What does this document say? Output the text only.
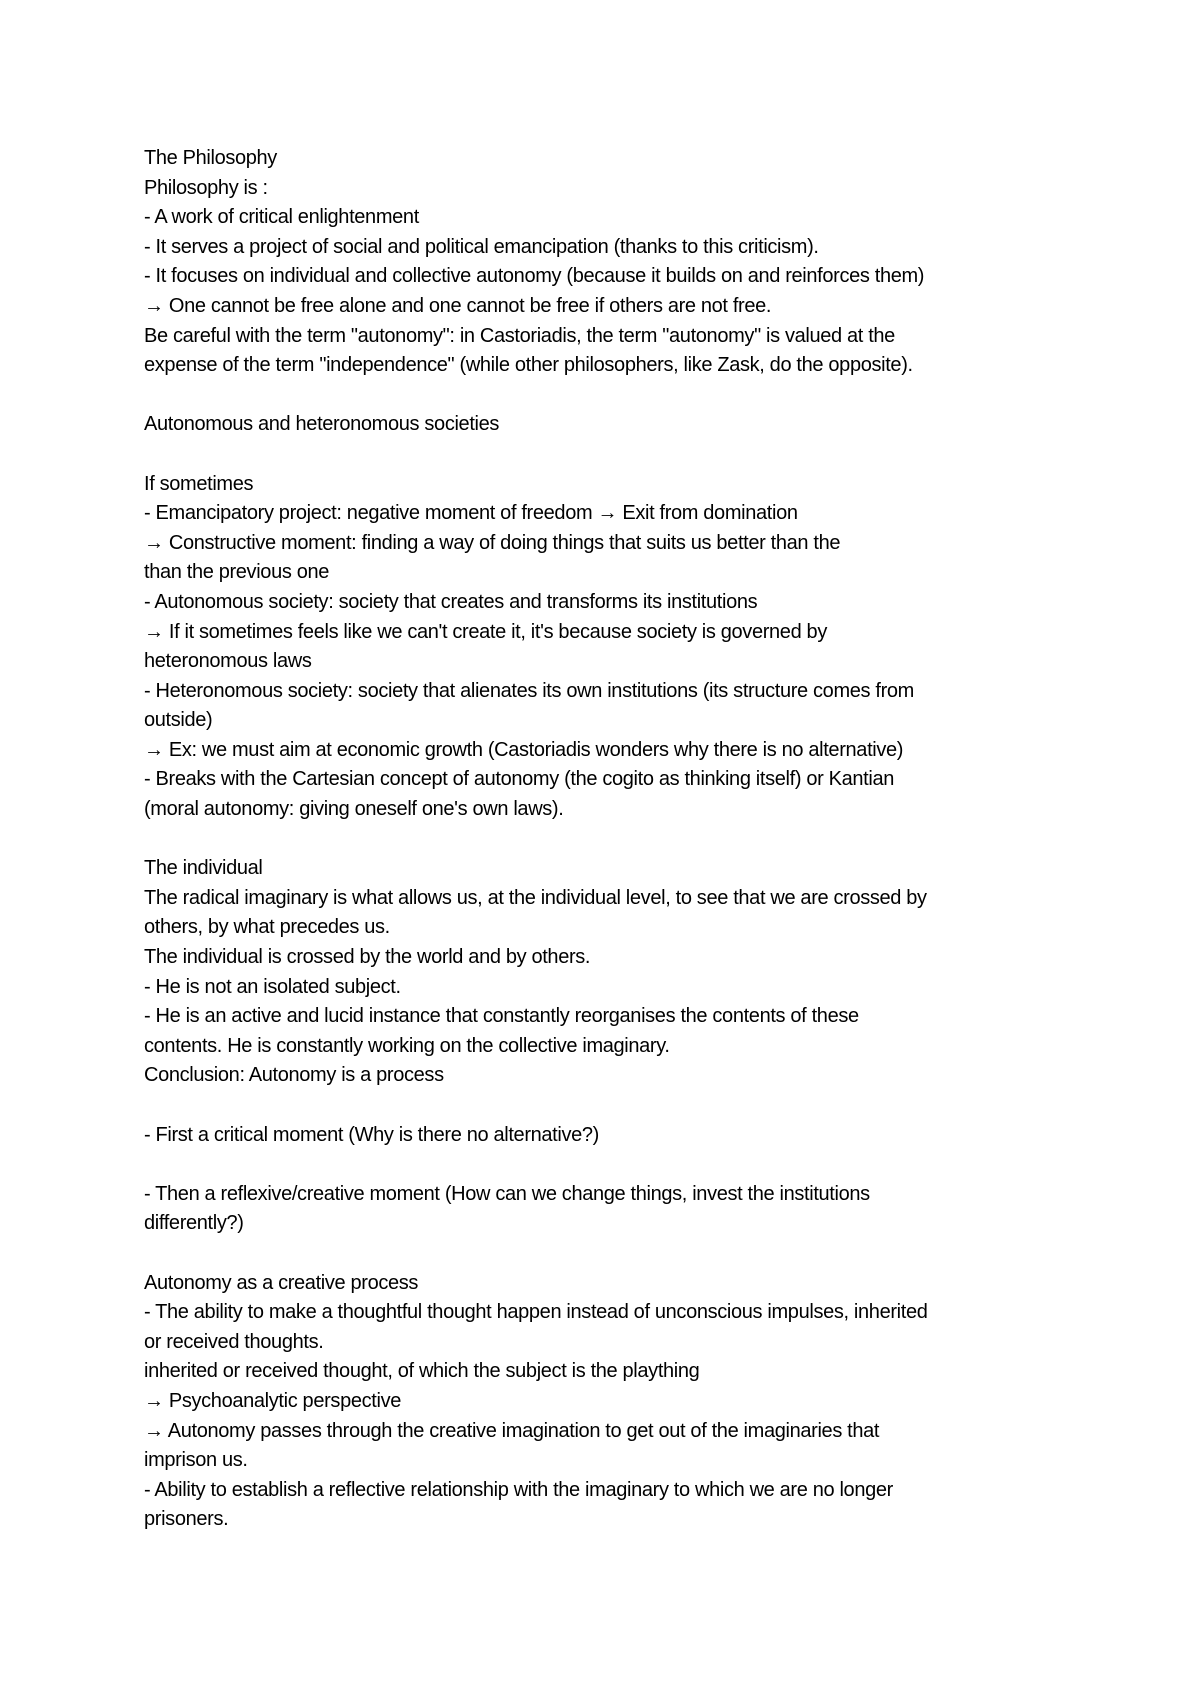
The Philosophy
Philosophy is :
- A work of critical enlightenment
- It serves a project of social and political emancipation (thanks to this criticism).
- It focuses on individual and collective autonomy (because it builds on and reinforces them)
→ One cannot be free alone and one cannot be free if others are not free.
Be careful with the term "autonomy": in Castoriadis, the term "autonomy" is valued at the
expense of the term "independence" (while other philosophers, like Zask, do the opposite).
Autonomous and heteronomous societies
If sometimes
- Emancipatory project: negative moment of freedom → Exit from domination
→ Constructive moment: finding a way of doing things that suits us better than the
than the previous one
- Autonomous society: society that creates and transforms its institutions
→ If it sometimes feels like we can't create it, it's because society is governed by
heteronomous laws
- Heteronomous society: society that alienates its own institutions (its structure comes from
outside)
→ Ex: we must aim at economic growth (Castoriadis wonders why there is no alternative)
- Breaks with the Cartesian concept of autonomy (the cogito as thinking itself) or Kantian
(moral autonomy: giving oneself one's own laws).
The individual
The radical imaginary is what allows us, at the individual level, to see that we are crossed by
others, by what precedes us.
The individual is crossed by the world and by others.
- He is not an isolated subject.
- He is an active and lucid instance that constantly reorganises the contents of these
contents. He is constantly working on the collective imaginary.
Conclusion: Autonomy is a process
- First a critical moment (Why is there no alternative?)
- Then a reflexive/creative moment (How can we change things, invest the institutions
differently?)
Autonomy as a creative process
- The ability to make a thoughtful thought happen instead of unconscious impulses, inherited
or received thoughts.
inherited or received thought, of which the subject is the plaything
→ Psychoanalytic perspective
→ Autonomy passes through the creative imagination to get out of the imaginaries that
imprison us.
- Ability to establish a reflective relationship with the imaginary to which we are no longer
prisoners.
